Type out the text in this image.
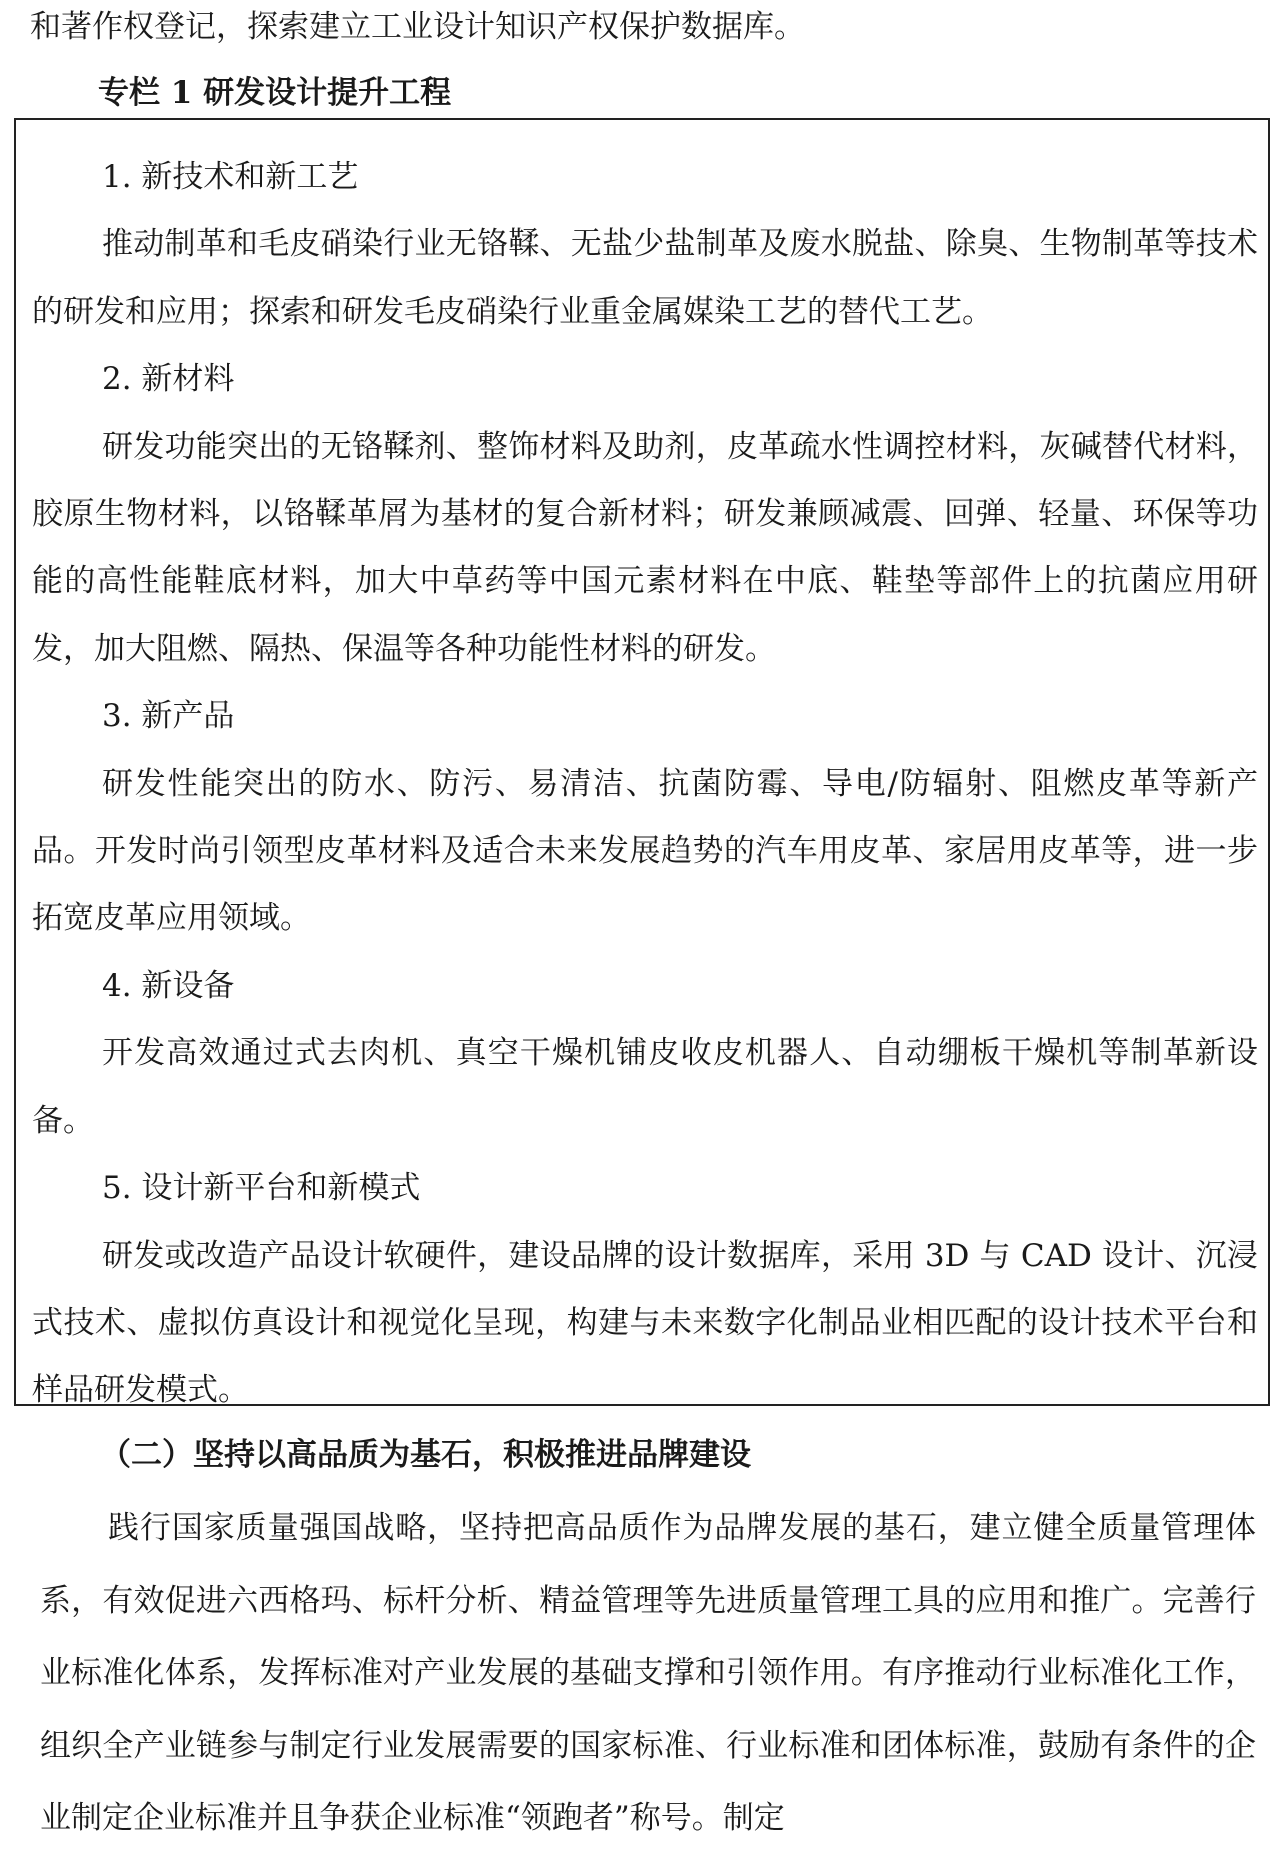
和著作权登记，探索建立工业设计知识产权保护数据库。

专栏 1 研发设计提升工程

1. 新技术和新工艺

推动制革和毛皮硝染行业无铬鞣、无盐少盐制革及废水脱盐、除臭、生物制革等技术的研发和应用；探索和研发毛皮硝染行业重金属媒染工艺的替代工艺。

2. 新材料

研发功能突出的无铬鞣剂、整饰材料及助剂，皮革疏水性调控材料，灰碱替代材料，胶原生物材料，以铬鞣革屑为基材的复合新材料；研发兼顾减震、回弹、轻量、环保等功能的高性能鞋底材料，加大中草药等中国元素材料在中底、鞋垫等部件上的抗菌应用研发，加大阻燃、隔热、保温等各种功能性材料的研发。

3. 新产品

研发性能突出的防水、防污、易清洁、抗菌防霉、导电/防辐射、阻燃皮革等新产品。开发时尚引领型皮革材料及适合未来发展趋势的汽车用皮革、家居用皮革等，进一步拓宽皮革应用领域。

4. 新设备

开发高效通过式去肉机、真空干燥机铺皮收皮机器人、自动绷板干燥机等制革新设备。

5. 设计新平台和新模式

研发或改造产品设计软硬件，建设品牌的设计数据库，采用 3D 与 CAD 设计、沉浸式技术、虚拟仿真设计和视觉化呈现，构建与未来数字化制品业相匹配的设计技术平台和样品研发模式。

（二）坚持以高品质为基石，积极推进品牌建设

践行国家质量强国战略，坚持把高品质作为品牌发展的基石，建立健全质量管理体系，有效促进六西格玛、标杆分析、精益管理等先进质量管理工具的应用和推广。完善行业标准化体系，发挥标准对产业发展的基础支撑和引领作用。有序推动行业标准化工作，组织全产业链参与制定行业发展需要的国家标准、行业标准和团体标准，鼓励有条件的企业制定企业标准并且争获企业标准“领跑者”称号。制定
